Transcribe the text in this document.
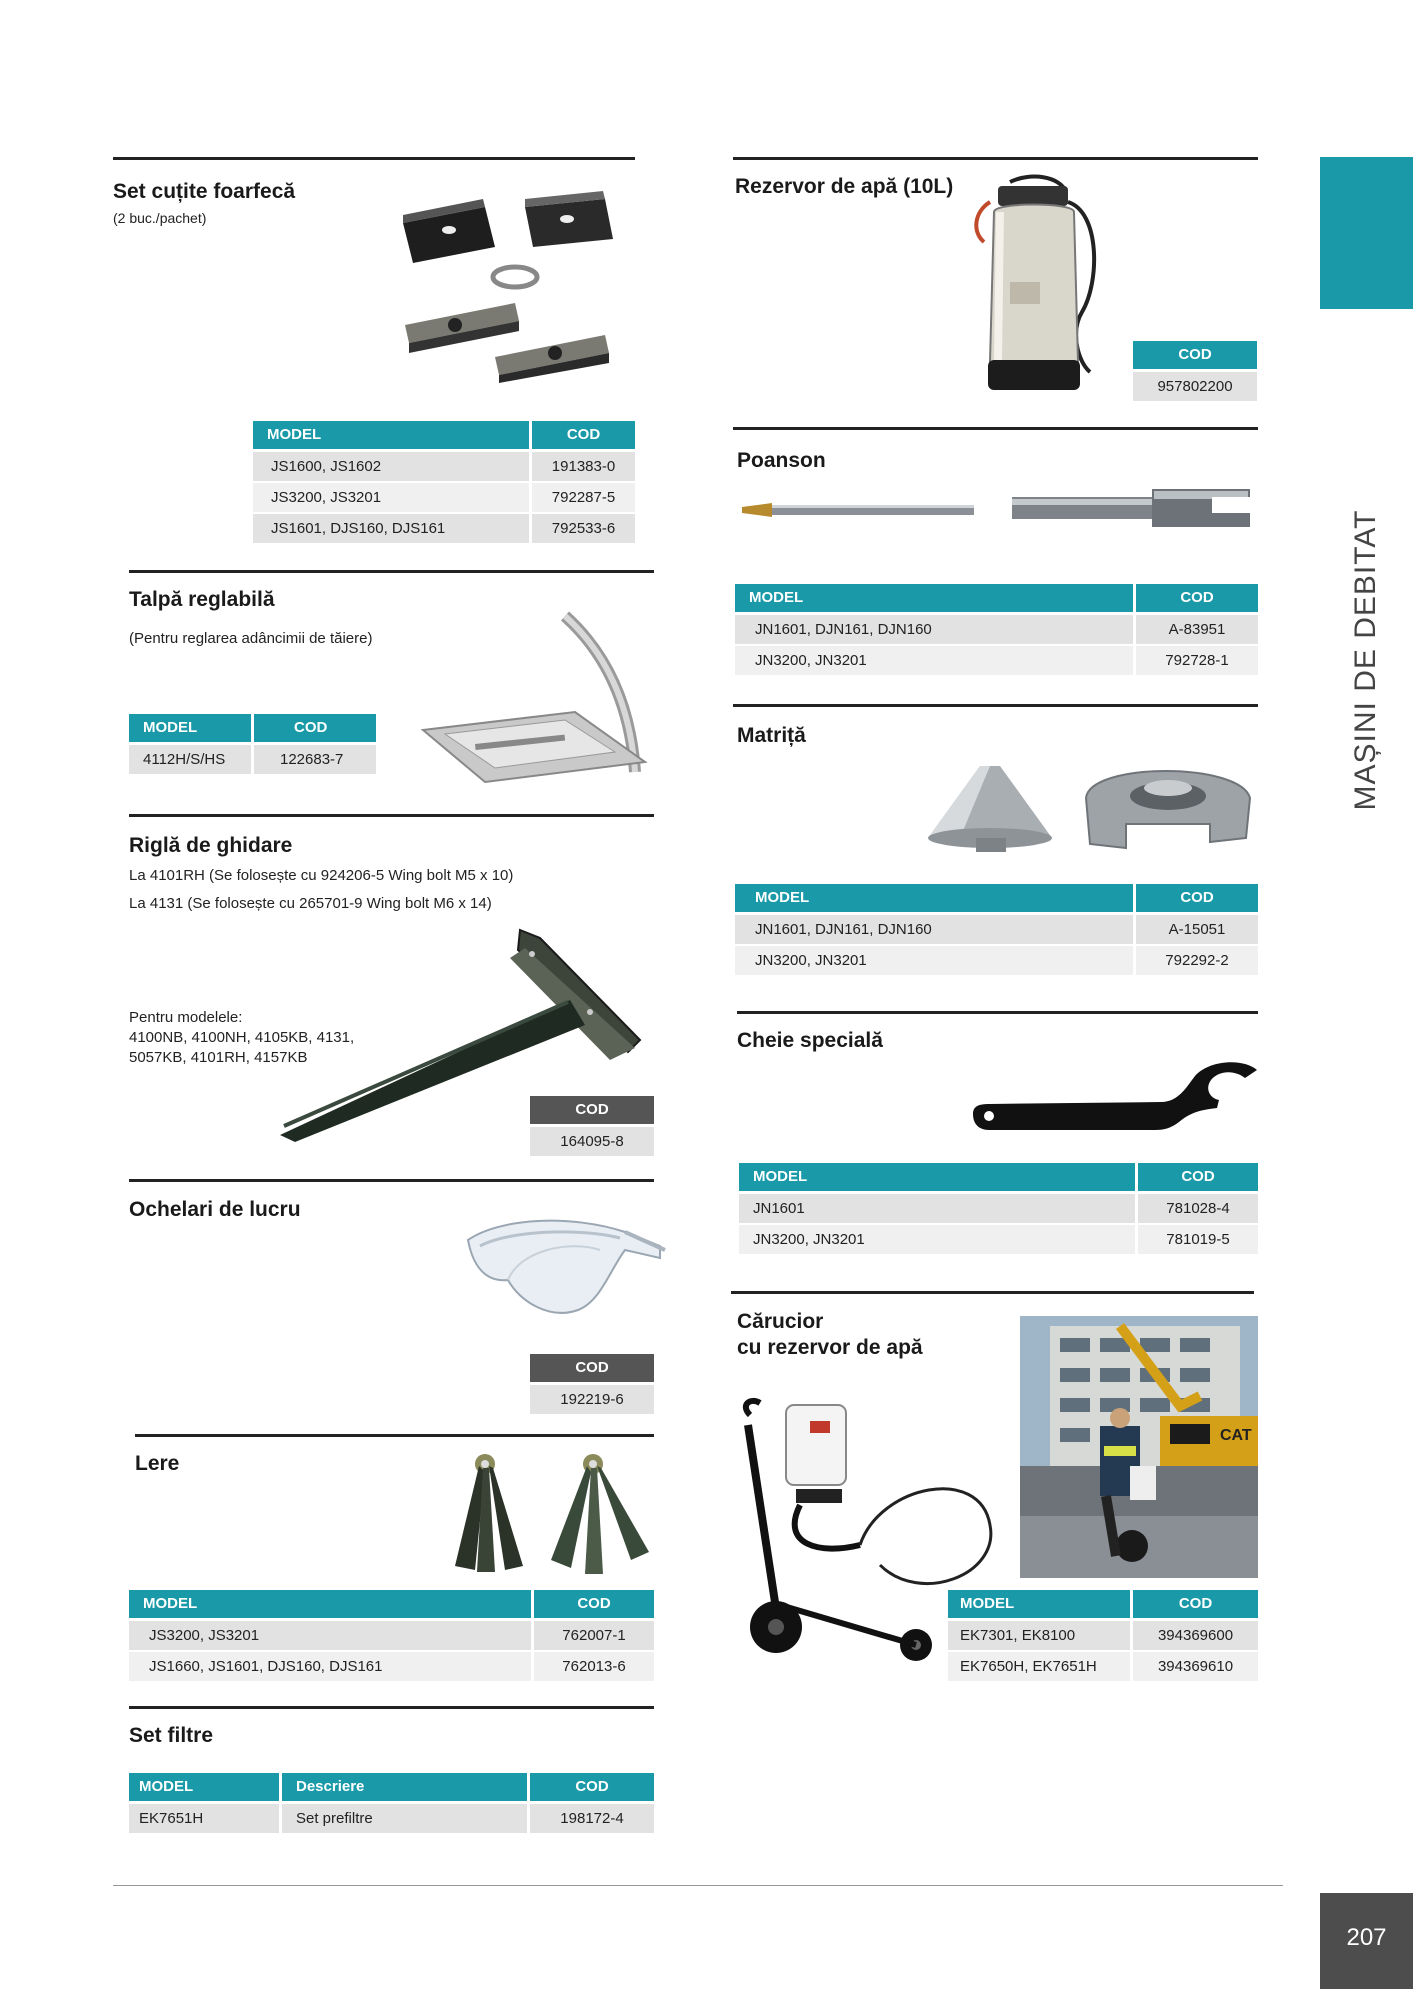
MAȘINI DE DEBITAT
Set cuțite foarfecă
(2 buc./pachet)
MODEL	COD
JS1600, JS1602	191383-0
JS3200, JS3201	792287-5
JS1601, DJS160, DJS161	792533-6
Talpă reglabilă
(Pentru reglarea adâncimii de tăiere)
MODEL	COD
4112H/S/HS	122683-7
Riglă de ghidare
La 4101RH (Se folosește cu 924206-5 Wing bolt M5 x 10)
La 4131 (Se folosește cu 265701-9 Wing bolt M6 x 14)
Pentru modelele:
4100NB, 4100NH, 4105KB, 4131,
5057KB, 4101RH, 4157KB
COD
164095-8
Ochelari de lucru
COD
192219-6
Lere
MODEL	COD
JS3200, JS3201	762007-1
JS1660, JS1601, DJS160, DJS161	762013-6
Set filtre
MODEL	Descriere	COD
EK7651H	Set prefiltre	198172-4
Rezervor de apă (10L)
COD
957802200
Poanson
MODEL	COD
JN1601, DJN161, DJN160	A-83951
JN3200, JN3201	792728-1
Matriță
MODEL	COD
JN1601, DJN161, DJN160	A-15051
JN3200, JN3201	792292-2
Cheie specială
MODEL	COD
JN1601	781028-4
JN3200, JN3201	781019-5
Cărucior
cu rezervor de apă
CAT
MODEL	COD
EK7301, EK8100	394369600
EK7650H, EK7651H	394369610
207
